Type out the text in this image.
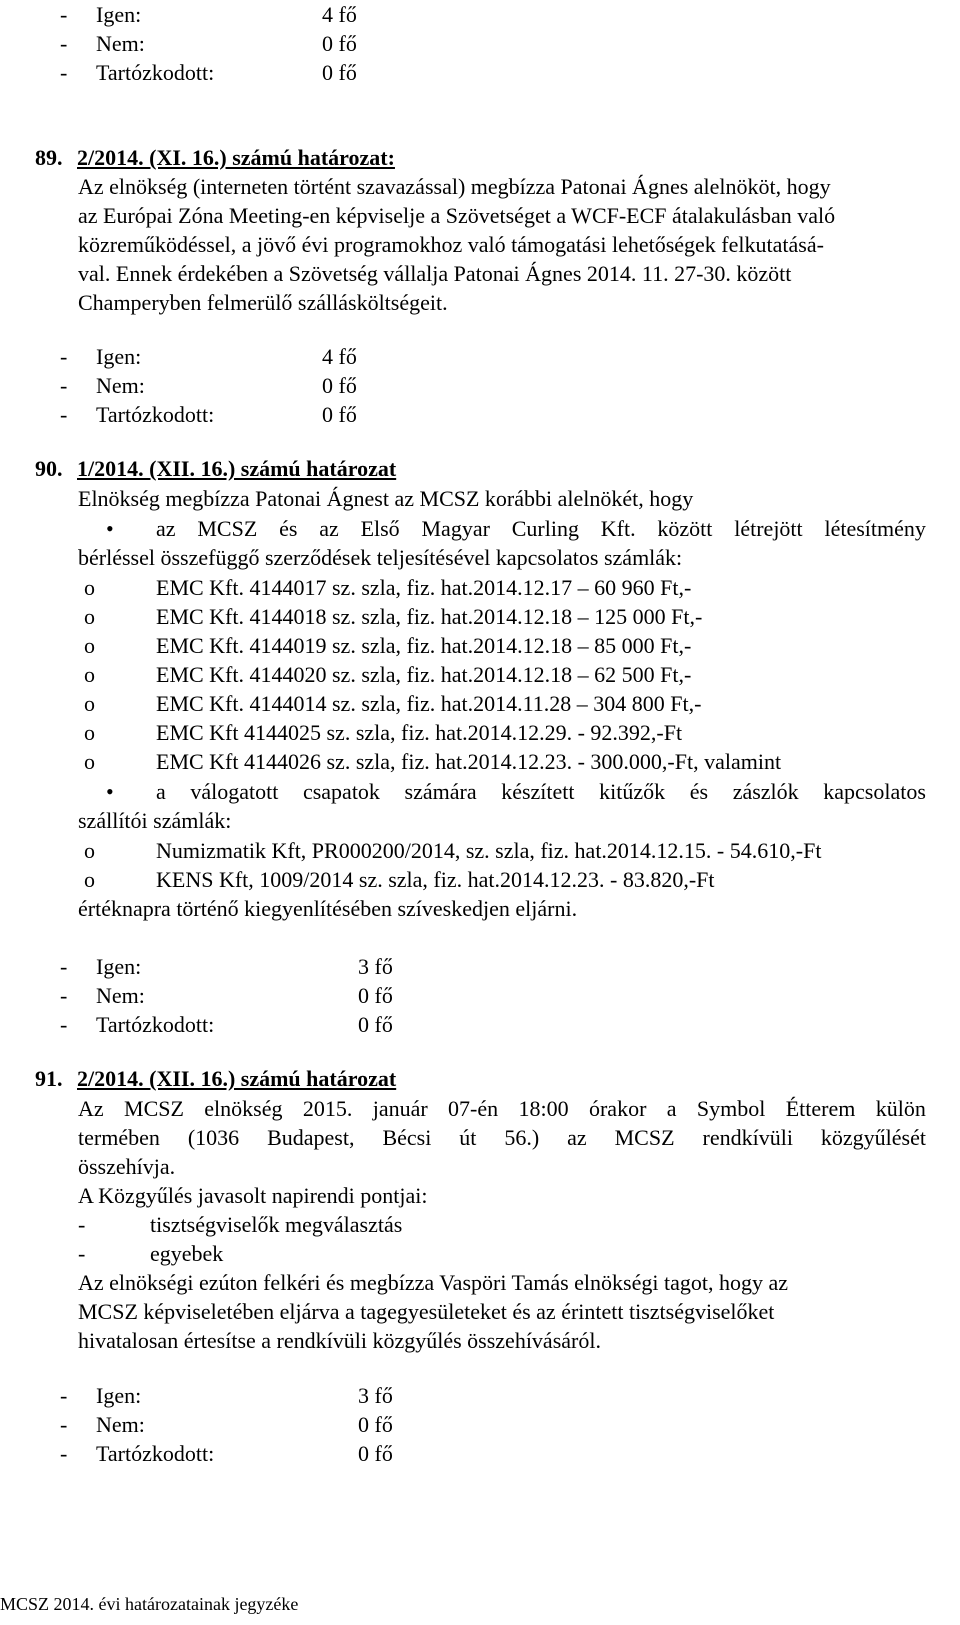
- Igen:	4 fő
- Nem:	0 fő
- Tartózkodott:	0 fő
89. 2/2014. (XI. 16.) számú határozat:
Az elnökség (interneten történt szavazással) megbízza Patonai Ágnes alelnököt, hogy
az Európai Zóna Meeting-en képviselje a Szövetséget a WCF-ECF átalakulásban való
közreműködéssel, a jövő évi programokhoz való támogatási lehetőségek felkutatásá-
val. Ennek érdekében a Szövetség vállalja Patonai Ágnes 2014. 11. 27-30. között
Champeryben felmerülő szállásköltségeit.
- Igen:	4 fő
- Nem:	0 fő
- Tartózkodott:	0 fő
90. 1/2014. (XII. 16.) számú határozat
Elnökség megbízza Patonai Ágnest az MCSZ korábbi alelnökét, hogy
• az MCSZ és az Első Magyar Curling Kft. között létrejött létesítmény
bérléssel összefüggő szerződések teljesítésével kapcsolatos számlák:
o	EMC Kft. 4144017 sz. szla, fiz. hat.2014.12.17 – 60 960 Ft,-
o	EMC Kft. 4144018 sz. szla, fiz. hat.2014.12.18 – 125 000 Ft,-
o	EMC Kft. 4144019 sz. szla, fiz. hat.2014.12.18 – 85 000 Ft,-
o	EMC Kft. 4144020 sz. szla, fiz. hat.2014.12.18 – 62 500 Ft,-
o	EMC Kft. 4144014 sz. szla, fiz. hat.2014.11.28 – 304 800 Ft,-
o	EMC Kft 4144025 sz. szla, fiz. hat.2014.12.29. - 92.392,-Ft
o	EMC Kft 4144026 sz. szla, fiz. hat.2014.12.23. - 300.000,-Ft, valamint
• a válogatott csapatok számára készített kitűzők és zászlók kapcsolatos
szállítói számlák:
o	Numizmatik Kft, PR000200/2014, sz. szla, fiz. hat.2014.12.15. - 54.610,-Ft
o	KENS Kft, 1009/2014 sz. szla, fiz. hat.2014.12.23. - 83.820,-Ft
értéknapra történő kiegyenlítésében szíveskedjen eljárni.
- Igen:	3 fő
- Nem:	0 fő
- Tartózkodott:	0 fő
91. 2/2014. (XII. 16.) számú határozat
Az MCSZ elnökség 2015. január 07-én 18:00 órakor a Symbol Étterem külön
termében (1036 Budapest, Bécsi út 56.) az MCSZ rendkívüli közgyűlését
összehívja.
A Közgyűlés javasolt napirendi pontjai:
-	tisztségviselők megválasztás
-	egyebek
Az elnökségi ezúton felkéri és megbízza Vaspöri Tamás elnökségi tagot, hogy az
MCSZ képviseletében eljárva a tagegyesületeket és az érintett tisztségviselőket
hivatalosan értesítse a rendkívüli közgyűlés összehívásáról.
- Igen:	3 fő
- Nem:	0 fő
- Tartózkodott:	0 fő
MCSZ 2014. évi határozatainak jegyzéke
